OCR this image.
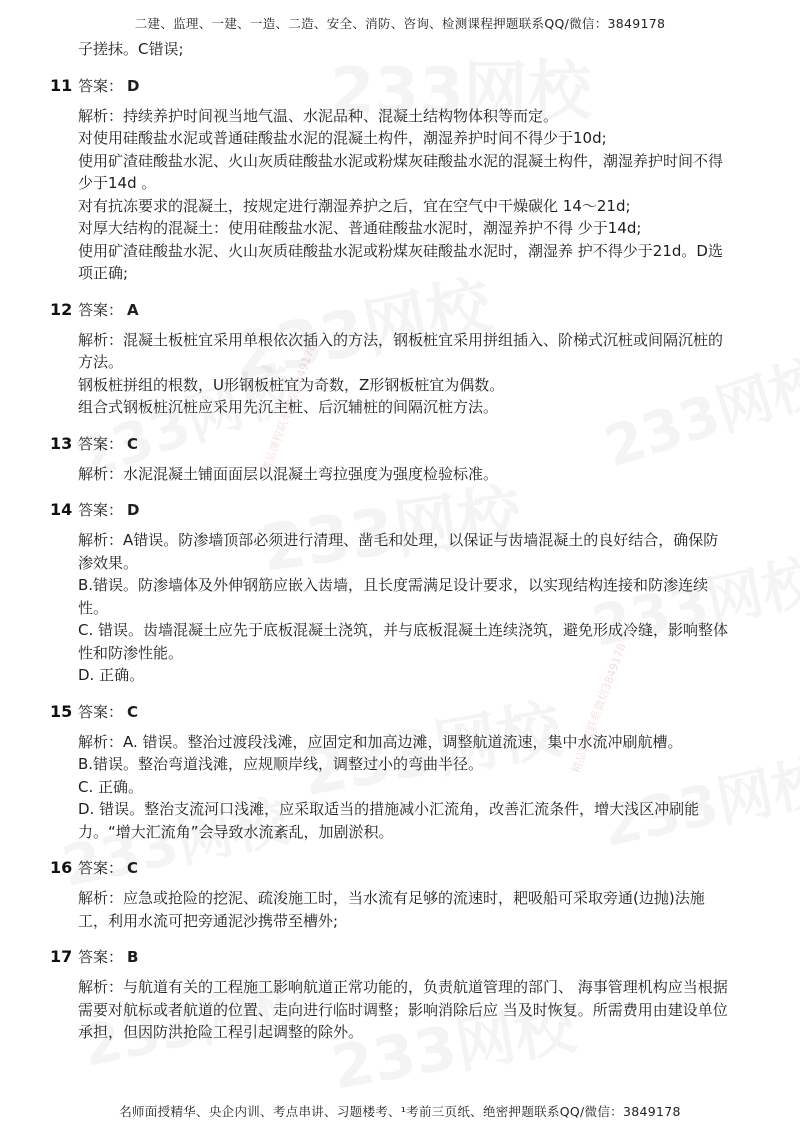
精品课程联系微信3849178
精品课程联系微信3849178
二建、监理、一建、一造、二造、安全、消防、咨询、检测课程押题联系QQ/微信：3849178

子搓抹。C错误;

11 答案： D

解析：持续养护时间视当地气温、水泥品种、混凝土结构物体积等而定。

对使用硅酸盐水泥或普通硅酸盐水泥的混凝土构件，潮湿养护时间不得少于10d;

使用矿渣硅酸盐水泥、火山灰质硅酸盐水泥或粉煤灰硅酸盐水泥的混凝土构件，潮湿养护时间不得 少于14d 。

对有抗冻要求的混凝土，按规定进行潮湿养护之后，宜在空气中干燥碳化 14～21d;

对厚大结构的混凝土：使用硅酸盐水泥、普通硅酸盐水泥时，潮湿养护不得 少于14d;

使用矿渣硅酸盐水泥、火山灰质硅酸盐水泥或粉煤灰硅酸盐水泥时，潮湿养 护不得少于21d。D选项正确;

12 答案： A

解析：混凝土板桩宜采用单根依次插入的方法，钢板桩宜采用拼组插入、阶梯式沉桩或间隔沉桩的方法。

钢板桩拼组的根数，U形钢板桩宜为奇数，Z形钢板桩宜为偶数。

组合式钢板桩沉桩应采用先沉主桩、后沉辅桩的间隔沉桩方法。

13 答案： C

解析：水泥混凝土铺面面层以混凝土弯拉强度为强度检验标准。

14 答案： D

解析：A错误。防渗墙顶部必须进行清理、凿毛和处理，以保证与齿墙混凝土的良好结合，确保防渗效果。

B.错误。防渗墙体及外伸钢筋应嵌入齿墙，且长度需满足设计要求，以实现结构连接和防渗连续性。

C. 错误。齿墙混凝土应先于底板混凝土浇筑，并与底板混凝土连续浇筑，避免形成冷缝，影响整体性和防渗性能。

D. 正确。

15 答案： C

解析：A. 错误。整治过渡段浅滩，应固定和加高边滩，调整航道流速，集中水流冲刷航槽。

B.错误。整治弯道浅滩，应规顺岸线，调整过小的弯曲半径。

C. 正确。

D. 错误。整治支流河口浅滩，应采取适当的措施减小汇流角，改善汇流条件，增大浅区冲刷能力。“增大汇流角”会导致水流紊乱，加剧淤积。

16 答案： C

解析：应急或抢险的挖泥、疏浚施工时，当水流有足够的流速时，耙吸船可采取旁通(边抛)法施工，利用水流可把旁通泥沙携带至槽外;

17 答案： B

解析：与航道有关的工程施工影响航道正常功能的，负责航道管理的部门、 海事管理机构应当根据需要对航标或者航道的位置、走向进行临时调整；影响消除后应 当及时恢复。所需费用由建设单位承担，但因防洪抢险工程引起调整的除外。

名师面授精华、央企内训、考点串讲、习题楼考、¹考前三页纸、绝密押题联系QQ/微信：3849178
